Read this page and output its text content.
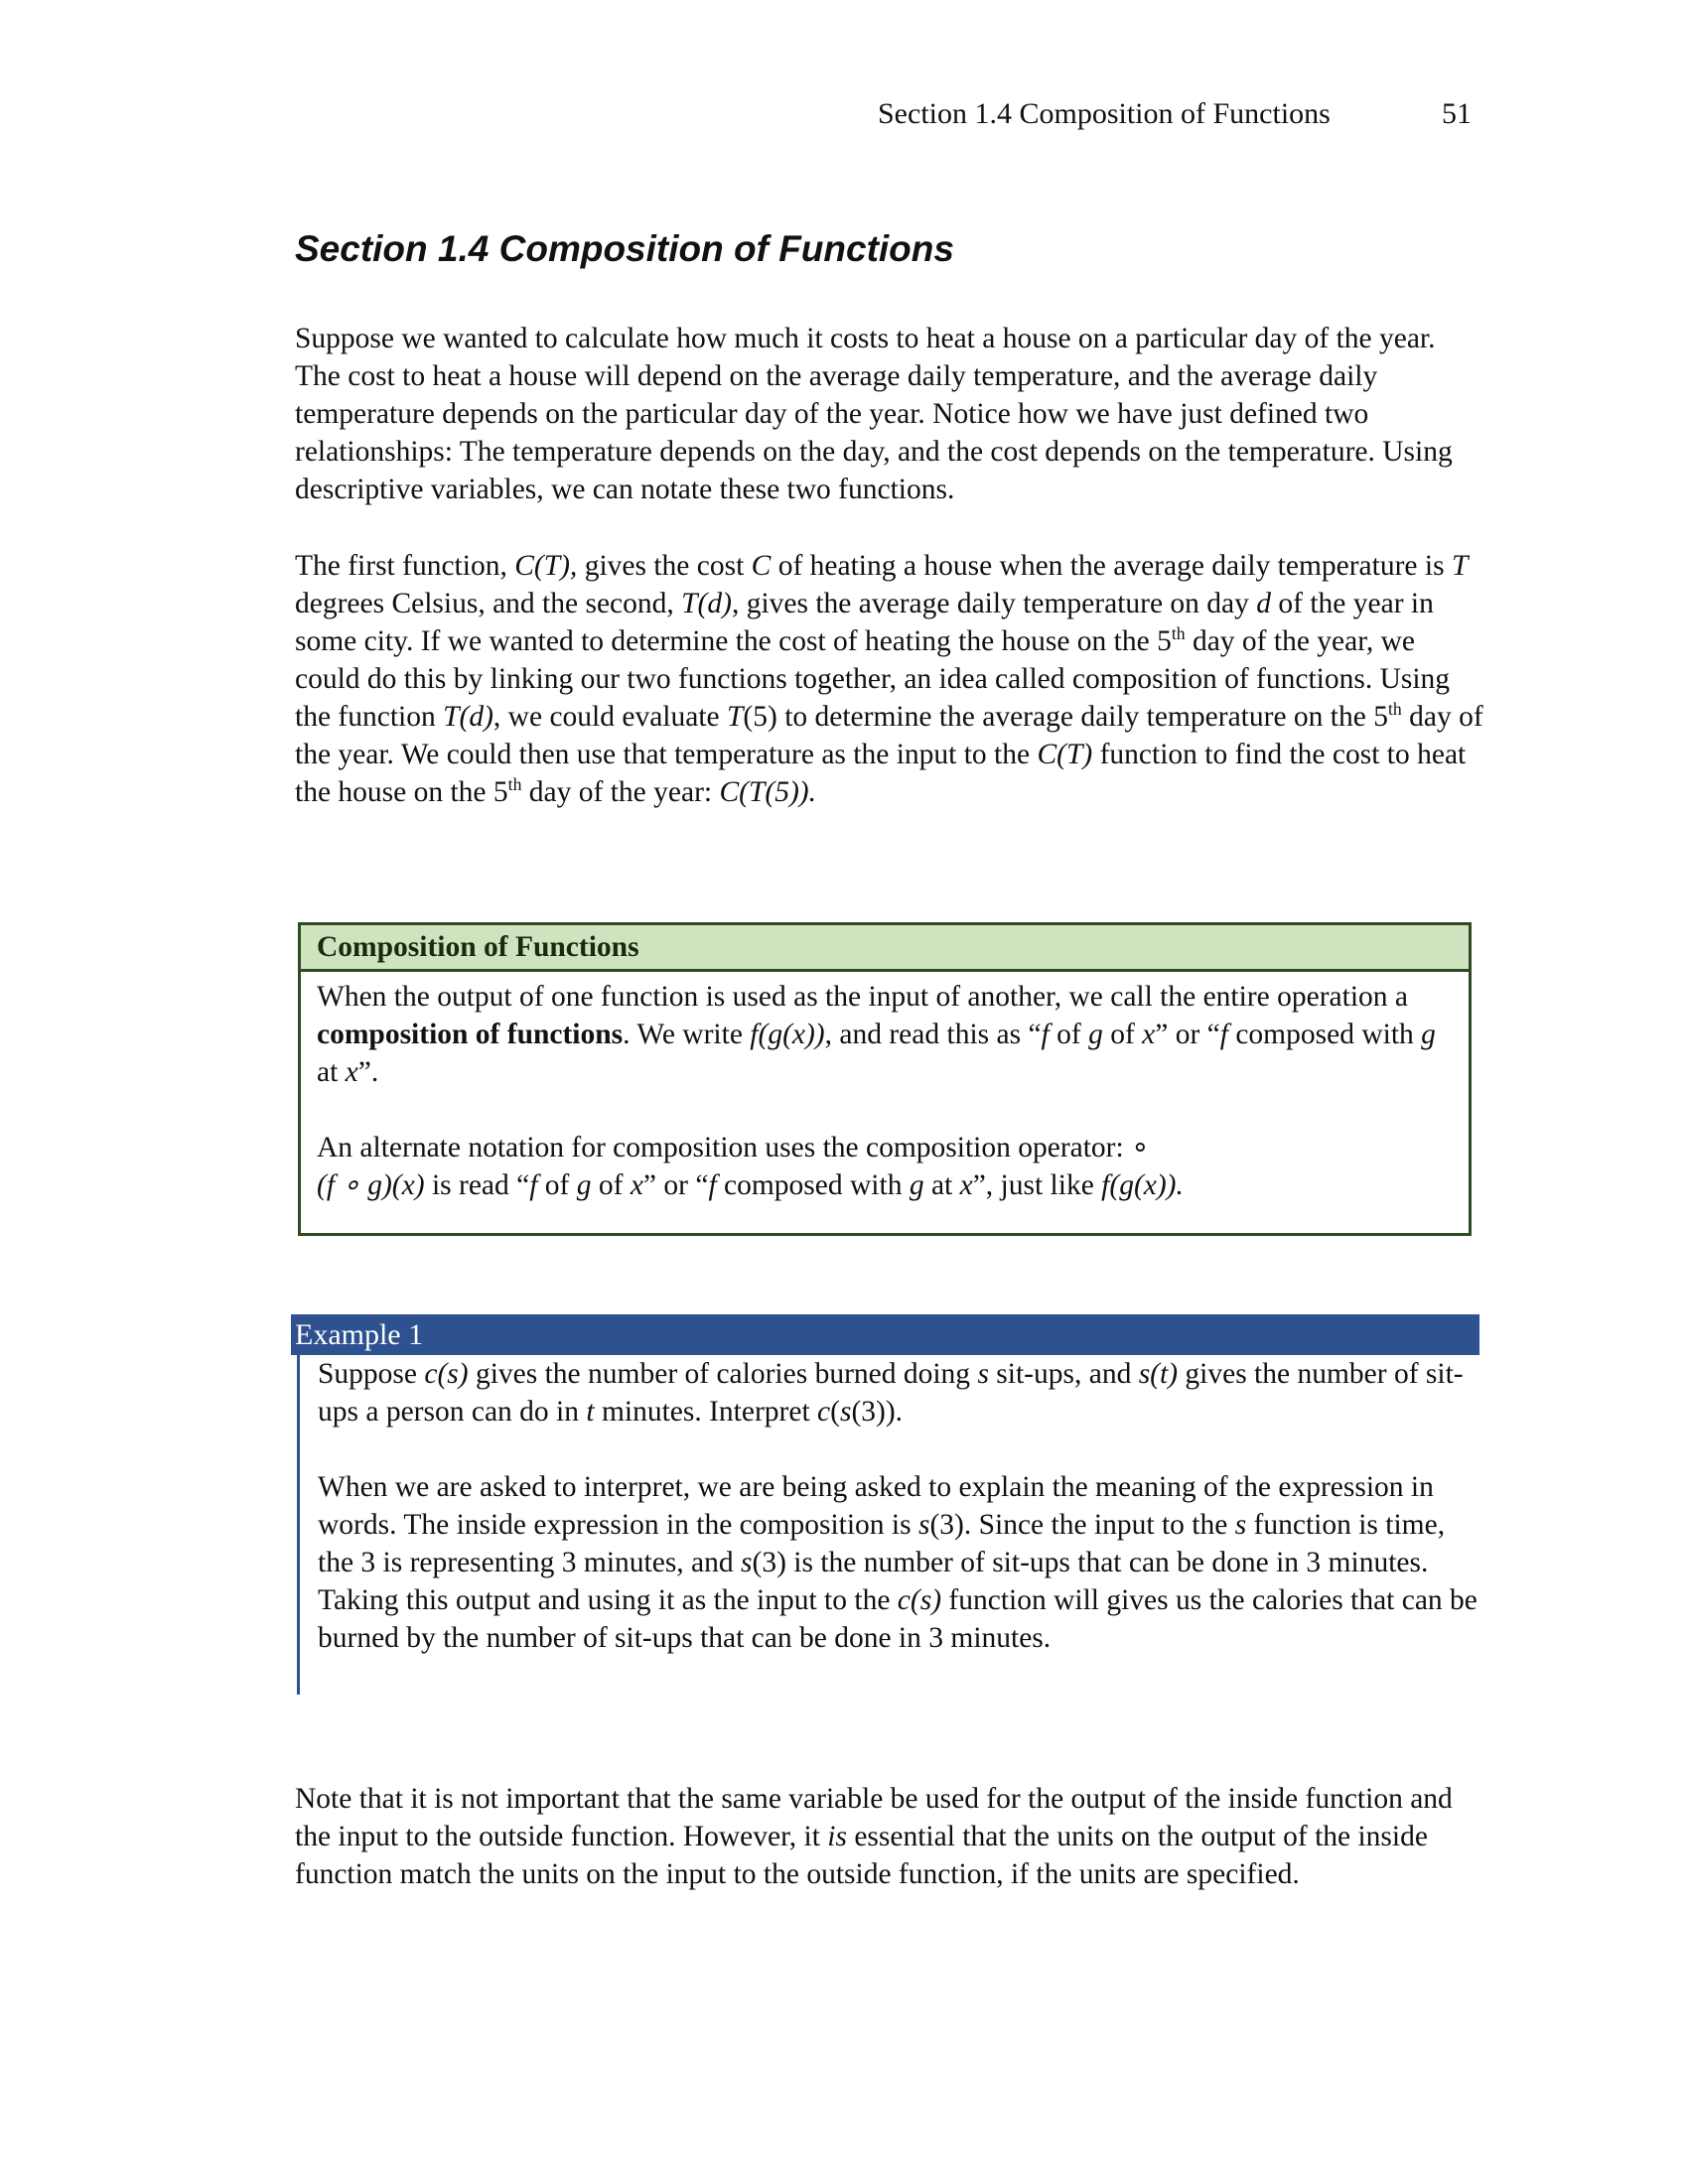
Section 1.4 Composition of Functions	51
Section 1.4 Composition of Functions

Suppose we wanted to calculate how much it costs to heat a house on a particular day of the year. The cost to heat a house will depend on the average daily temperature, and the average daily temperature depends on the particular day of the year. Notice how we have just defined two relationships: The temperature depends on the day, and the cost depends on the temperature. Using descriptive variables, we can notate these two functions.

The first function, C(T), gives the cost C of heating a house when the average daily temperature is T degrees Celsius, and the second, T(d), gives the average daily temperature on day d of the year in some city. If we wanted to determine the cost of heating the house on the 5th day of the year, we could do this by linking our two functions together, an idea called composition of functions. Using the function T(d), we could evaluate T(5) to determine the average daily temperature on the 5th day of the year. We could then use that temperature as the input to the C(T) function to find the cost to heat the house on the 5th day of the year: C(T(5)).

Composition of Functions

When the output of one function is used as the input of another, we call the entire operation a composition of functions. We write f(g(x)), and read this as “f of g of x” or “f composed with g at x”.

An alternate notation for composition uses the composition operator: ∘
(f ∘ g)(x) is read “f of g of x” or “f composed with g at x”, just like f(g(x)).

Example 1

Suppose c(s) gives the number of calories burned doing s sit-ups, and s(t) gives the number of sit-ups a person can do in t minutes. Interpret c(s(3)).

When we are asked to interpret, we are being asked to explain the meaning of the expression in words. The inside expression in the composition is s(3). Since the input to the s function is time, the 3 is representing 3 minutes, and s(3) is the number of sit-ups that can be done in 3 minutes. Taking this output and using it as the input to the c(s) function will gives us the calories that can be burned by the number of sit-ups that can be done in 3 minutes.

Note that it is not important that the same variable be used for the output of the inside function and the input to the outside function. However, it is essential that the units on the output of the inside function match the units on the input to the outside function, if the units are specified.
